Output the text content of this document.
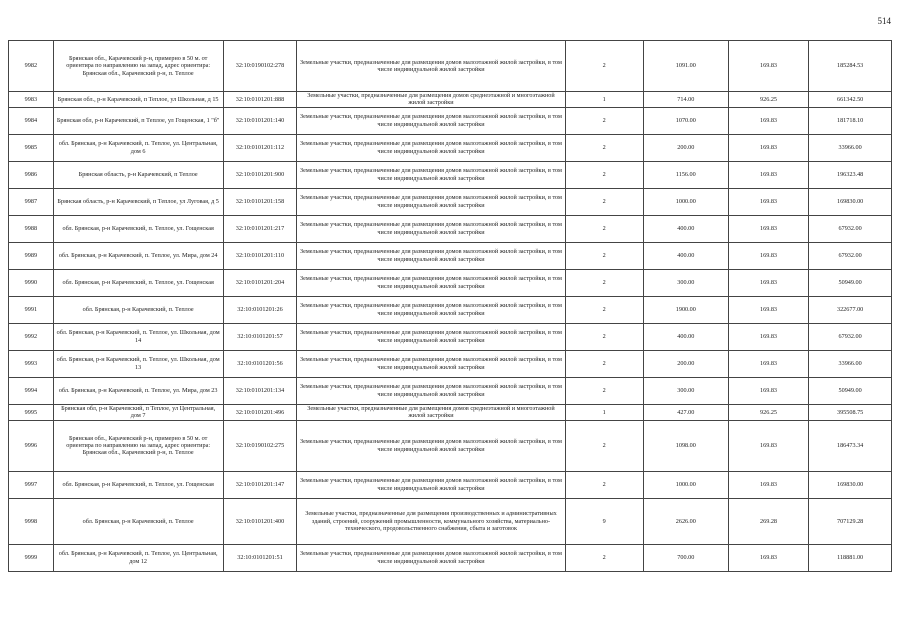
514
9982	Брянская обл., Карачевский р-н, примерно в 50 м. от ориентира по направлению на запад, адрес ориентира: Брянская обл., Карачевский р-н, п. Теплое	32:10:0190102:278	Земельные участки, предназначенные для размещения домов малоэтажной жилой застройки, в том числе индивидуальной жилой застройки	2	1091.00	169.83	185284.53
9983	Брянская обл., р-н Карачевский, п Теплое, ул Школьная, д 15	32:10:0101201:888	Земельные участки, предназначенные для размещения домов среднеэтажной и многоэтажной жилой застройки	1	714.00	926.25	661342.50
9984	Брянская обл, р-н Карачевский, п Теплое, ул Гощенская, 1 "б"	32:10:0101201:140	Земельные участки, предназначенные для размещения домов малоэтажной жилой застройки, в том числе индивидуальной жилой застройки	2	1070.00	169.83	181718.10
9985	обл. Брянская, р-н Карачевский, п. Теплое, ул. Центральная, дом 6	32:10:0101201:112	Земельные участки, предназначенные для размещения домов малоэтажной жилой застройки, в том числе индивидуальной жилой застройки	2	200.00	169.83	33966.00
9986	Брянская область, р-н Карачевский, п Теплое	32:10:0101201:900	Земельные участки, предназначенные для размещения домов малоэтажной жилой застройки, в том числе индивидуальной жилой застройки	2	1156.00	169.83	196323.48
9987	Брянская область, р-н Карачевский, п Теплое, ул Луговая, д 5	32:10:0101201:158	Земельные участки, предназначенные для размещения домов малоэтажной жилой застройки, в том числе индивидуальной жилой застройки	2	1000.00	169.83	169830.00
9988	обл. Брянская, р-н Карачевский, п. Теплое, ул. Гощенская	32:10:0101201:217	Земельные участки, предназначенные для размещения домов малоэтажной жилой застройки, в том числе индивидуальной жилой застройки	2	400.00	169.83	67932.00
9989	обл. Брянская, р-н Карачевский, п. Теплое, ул. Мира, дом 24	32:10:0101201:110	Земельные участки, предназначенные для размещения домов малоэтажной жилой застройки, в том числе индивидуальной жилой застройки	2	400.00	169.83	67932.00
9990	обл. Брянская, р-н Карачевский, п. Теплое, ул. Гощенская	32:10:0101201:204	Земельные участки, предназначенные для размещения домов малоэтажной жилой застройки, в том числе индивидуальной жилой застройки	2	300.00	169.83	50949.00
9991	обл. Брянская, р-н Карачевский, п. Теплое	32:10:0101201:26	Земельные участки, предназначенные для размещения домов малоэтажной жилой застройки, в том числе индивидуальной жилой застройки	2	1900.00	169.83	322677.00
9992	обл. Брянская, р-н Карачевский, п. Теплое, ул. Школьная, дом 14	32:10:0101201:57	Земельные участки, предназначенные для размещения домов малоэтажной жилой застройки, в том числе индивидуальной жилой застройки	2	400.00	169.83	67932.00
9993	обл. Брянская, р-н Карачевский, п. Теплое, ул. Школьная, дом 13	32:10:0101201:56	Земельные участки, предназначенные для размещения домов малоэтажной жилой застройки, в том числе индивидуальной жилой застройки	2	200.00	169.83	33966.00
9994	обл. Брянская, р-н Карачевский, п. Теплое, ул. Мира, дом 23	32:10:0101201:134	Земельные участки, предназначенные для размещения домов малоэтажной жилой застройки, в том числе индивидуальной жилой застройки	2	300.00	169.83	50949.00
9995	Брянская обл, р-н Карачевский, п Теплое, ул Центральная, дом 7	32:10:0101201:496	Земельные участки, предназначенные для размещения домов среднеэтажной и многоэтажной жилой застройки	1	427.00	926.25	395508.75
9996	Брянская обл., Карачевский р-н, примерно в 50 м. от ориентира по направлению на запад, адрес ориентира: Брянская обл., Карачевский р-н, п. Теплое	32:10:0190102:275	Земельные участки, предназначенные для размещения домов малоэтажной жилой застройки, в том числе индивидуальной жилой застройки	2	1098.00	169.83	186473.34
9997	обл. Брянская, р-н Карачевский, п. Теплое, ул. Гощенская	32:10:0101201:147	Земельные участки, предназначенные для размещения домов малоэтажной жилой застройки, в том числе индивидуальной жилой застройки	2	1000.00	169.83	169830.00
9998	обл. Брянская, р-н Карачевский, п. Теплое	32:10:0101201:400	Земельные участки, предназначенные для размещения производственных и административных зданий, строений, сооружений промышленности, коммунального хозяйства, материально-технического, продовольственного снабжения, сбыта и заготовок	9	2626.00	269.28	707129.28
9999	обл. Брянская, р-н Карачевский, п. Теплое, ул. Центральная, дом 12	32:10:0101201:51	Земельные участки, предназначенные для размещения домов малоэтажной жилой застройки, в том числе индивидуальной жилой застройки	2	700.00	169.83	118881.00
